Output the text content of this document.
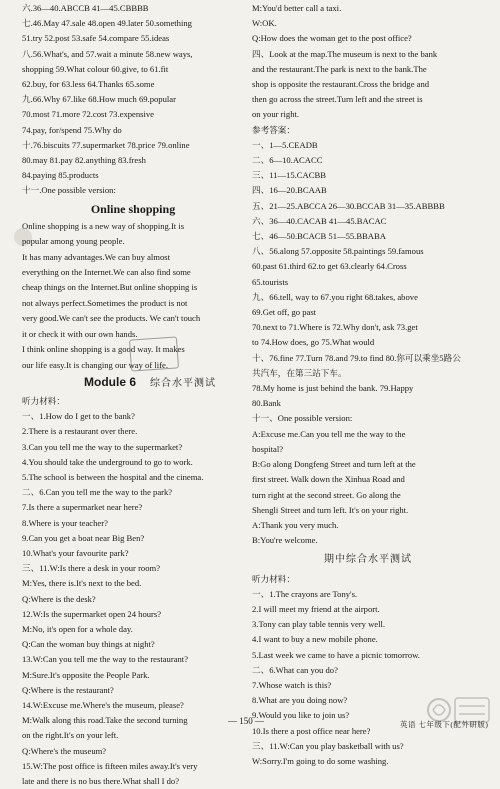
六.36—40.ABCCB 41—45.CBBBB
七.46.May 47.sale 48.open 49.later 50.something
51.try 52.post 53.safe 54.compare 55.ideas
八.56.What's, and 57.wait a minute 58.new ways,
shopping 59.What colour 60.give, to 61.fit
62.buy, for 63.less 64.Thanks 65.some
九.66.Why 67.like 68.How much 69.popular
70.most 71.more 72.cost 73.expensive
74.pay, for/spend 75.Why do
十.76.biscuits 77.supermarket 78.price 79.online
80.may 81.pay 82.anything 83.fresh
84.paying 85.products
十一.One possible version:
Online shopping
Online shopping is a new way of shopping.It is
popular among young people.
It has many advantages.We can buy almost
everything on the Internet.We can also find some
cheap things on the Internet.But online shopping is
not always perfect.Sometimes the product is not
very good.We can't see the products. We can't touch
it or check it with our own hands.
I think online shopping is a good way. It makes
our life easy.It is changing our way of life.
Module 6 综合水平测试
听力材料：
一、1.How do I get to the bank?
2.There is a restaurant over there.
3.Can you tell me the way to the supermarket?
4.You should take the underground to go to work.
5.The school is between the hospital and the cinema.
二、6.Can you tell me the way to the park?
7.Is there a supermarket near here?
8.Where is your teacher?
9.Can you get a boat near Big Ben?
10.What's your favourite park?
三、11.W:Is there a desk in your room?
M:Yes, there is.It's next to the bed.
Q:Where is the desk?
12.W:Is the supermarket open 24 hours?
M:No, it's open for a whole day.
Q:Can the woman buy things at night?
13.W:Can you tell me the way to the restaurant?
M:Sure.It's opposite the People Park.
Q:Where is the restaurant?
14.W:Excuse me.Where's the museum, please?
M:Walk along this road.Take the second turning
on the right.It's on your left.
Q:Where's the museum?
15.W:The post office is fifteen miles away.It's very
late and there is no bus there.What shall I do?
M:You'd better call a taxi.
W:OK.
Q:How does the woman get to the post office?
四、Look at the map.The museum is next to the bank
and the restaurant.The park is next to the bank.The
shop is opposite the restaurant.Cross the bridge and
then go across the street.Turn left and the street is
on your right.
参考答案：
一、1—5.CEADB
二、6—10.ACACC
三、11—15.CACBB
四、16—20.BCAAB
五、21—25.ABCCA 26—30.BCCAB 31—35.ABBBB
六、36—40.CACAB 41—45.BACAC
七、46—50.BCACB 51—55.BBABA
八、56.along 57.opposite 58.paintings 59.famous
60.past 61.third 62.to get 63.clearly 64.Cross
65.tourists
九、66.tell, way to 67.you right 68.takes, above
69.Get off, go past
70.next to 71.Where is 72.Why don't, ask 73.get
to 74.How does, go 75.What would
十、76.fine 77.Turn 78.and 79.to find 80.你可以乘坐5路公
共汽车，在第三站下车。
78.My home is just behind the bank. 79.Happy
80.Bank
十一、One possible version:
A:Excuse me.Can you tell me the way to the
hospital?
B:Go along Dongfeng Street and turn left at the
first street. Walk down the Xinhua Road and
turn right at the second street. Go along the
Shengli Street and turn left. It's on your right.
A:Thank you very much.
B:You're welcome.
期中综合水平测试
听力材料：
一、1.The crayons are Tony's.
2.I will meet my friend at the airport.
3.Tony can play table tennis very well.
4.I want to buy a new mobile phone.
5.Last week we came to have a picnic tomorrow.
二、6.What can you do?
7.Whose watch is this?
8.What are you doing now?
9.Would you like to join us?
10.Is there a post office near here?
三、11.W:Can you play basketball with us?
W:Sorry.I'm going to do some washing.
— 150 —	英语 七年级下(配外研版)
